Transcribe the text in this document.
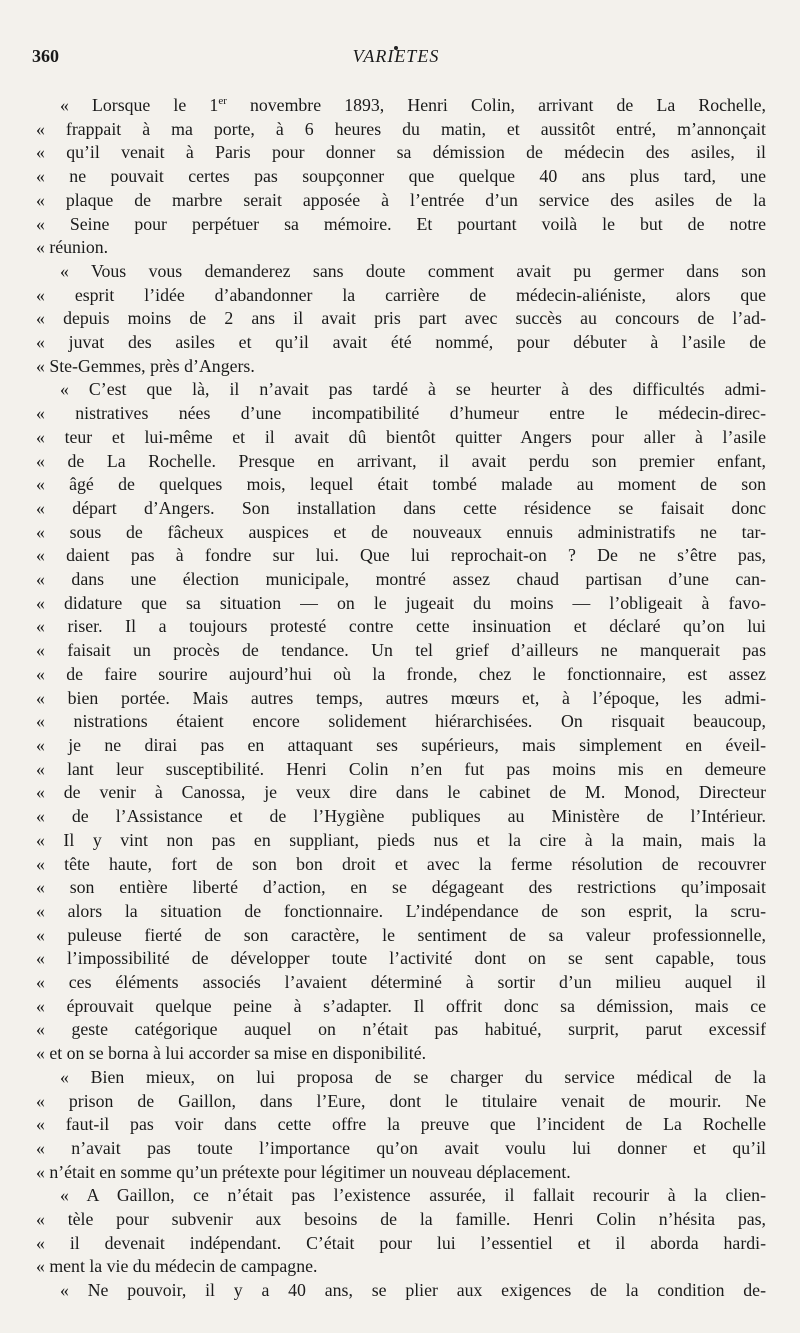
360	VARIETES
« Lorsque le 1er novembre 1893, Henri Colin, arrivant de La Rochelle,
« frappait à ma porte, à 6 heures du matin, et aussitôt entré, m’annonçait
« qu’il venait à Paris pour donner sa démission de médecin des asiles, il
« ne pouvait certes pas soupçonner que quelque 40 ans plus tard, une
« plaque de marbre serait apposée à l’entrée d’un service des asiles de la
« Seine pour perpétuer sa mémoire. Et pourtant voilà le but de notre
« réunion.
« Vous vous demanderez sans doute comment avait pu germer dans son
« esprit l’idée d’abandonner la carrière de médecin-aliéniste, alors que
« depuis moins de 2 ans il avait pris part avec succès au concours de l’ad-
« juvat des asiles et qu’il avait été nommé, pour débuter à l’asile de
« Ste-Gemmes, près d’Angers.
« C’est que là, il n’avait pas tardé à se heurter à des difficultés admi-
« nistratives nées d’une incompatibilité d’humeur entre le médecin-direc-
« teur et lui-même et il avait dû bientôt quitter Angers pour aller à l’asile
« de La Rochelle. Presque en arrivant, il avait perdu son premier enfant,
« âgé de quelques mois, lequel était tombé malade au moment de son
« départ d’Angers. Son installation dans cette résidence se faisait donc
« sous de fâcheux auspices et de nouveaux ennuis administratifs ne tar-
« daient pas à fondre sur lui. Que lui reprochait-on ? De ne s’être pas,
« dans une élection municipale, montré assez chaud partisan d’une can-
« didature que sa situation — on le jugeait du moins — l’obligeait à favo-
« riser. Il a toujours protesté contre cette insinuation et déclaré qu’on lui
« faisait un procès de tendance. Un tel grief d’ailleurs ne manquerait pas
« de faire sourire aujourd’hui où la fronde, chez le fonctionnaire, est assez
« bien portée. Mais autres temps, autres mœurs et, à l’époque, les admi-
« nistrations étaient encore solidement hiérarchisées. On risquait beaucoup,
« je ne dirai pas en attaquant ses supérieurs, mais simplement en éveil-
« lant leur susceptibilité. Henri Colin n’en fut pas moins mis en demeure
« de venir à Canossa, je veux dire dans le cabinet de M. Monod, Directeur
« de l’Assistance et de l’Hygiène publiques au Ministère de l’Intérieur.
« Il y vint non pas en suppliant, pieds nus et la cire à la main, mais la
« tête haute, fort de son bon droit et avec la ferme résolution de recouvrer
« son entière liberté d’action, en se dégageant des restrictions qu’imposait
« alors la situation de fonctionnaire. L’indépendance de son esprit, la scru-
« puleuse fierté de son caractère, le sentiment de sa valeur professionnelle,
« l’impossibilité de développer toute l’activité dont on se sent capable, tous
« ces éléments associés l’avaient déterminé à sortir d’un milieu auquel il
« éprouvait quelque peine à s’adapter. Il offrit donc sa démission, mais ce
« geste catégorique auquel on n’était pas habitué, surprit, parut excessif
« et on se borna à lui accorder sa mise en disponibilité.
« Bien mieux, on lui proposa de se charger du service médical de la
« prison de Gaillon, dans l’Eure, dont le titulaire venait de mourir. Ne
« faut-il pas voir dans cette offre la preuve que l’incident de La Rochelle
« n’avait pas toute l’importance qu’on avait voulu lui donner et qu’il
« n’était en somme qu’un prétexte pour légitimer un nouveau déplacement.
« A Gaillon, ce n’était pas l’existence assurée, il fallait recourir à la clien-
« tèle pour subvenir aux besoins de la famille. Henri Colin n’hésita pas,
« il devenait indépendant. C’était pour lui l’essentiel et il aborda hardi-
« ment la vie du médecin de campagne.
« Ne pouvoir, il y a 40 ans, se plier aux exigences de la condition de-
